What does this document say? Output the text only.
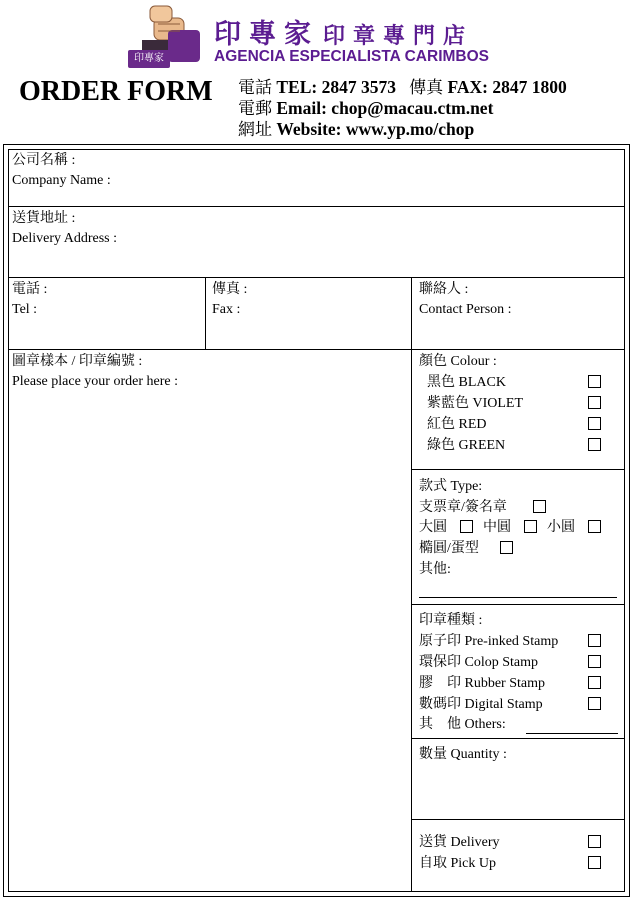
印專家
印專家 印章專門店
AGENCIA ESPECIALISTA CARIMBOS
ORDER FORM 電話 TEL: 2847 3573 傳真 FAX: 2847 1800
電郵 Email: chop@macau.ctm.net
網址 Website: www.yp.mo/chop
公司名稱 :
Company Name :
送貨地址 :
Delivery Address :
電話 :
Tel :
傳真 :
Fax :
聯絡人 :
Contact Person :
圖章樣本 / 印章編號 :
Please place your order here :
顏色 Colour :
黑色 BLACK
紫藍色 VIOLET
紅色 RED
綠色 GREEN
款式 Type:
支票章/簽名章
大圓	中圓	小圓
橢圓/蛋型
其他:
印章種類 :
原子印 Pre-inked Stamp
環保印 Colop Stamp
膠　印 Rubber Stamp
數碼印 Digital Stamp
其　他 Others:
數量 Quantity :
送貨 Delivery
自取 Pick Up
